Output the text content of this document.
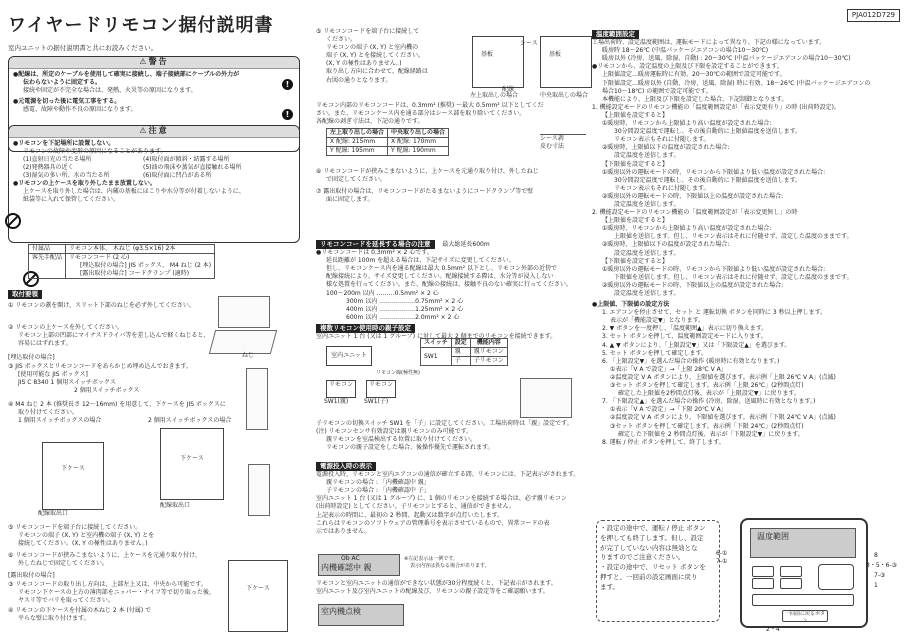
ワイヤードリモコン据付説明書	PJA012D729
室内ユニットの据付説明書と共にお読みください。
⚠警告
●配線は、所定のケーブルを使用して確実に接続し、端子接続部にケーブルの外力が
伝わらないように固定する。
接続や固定が不完全な場合は、発熱、火災等の原因になります。
●元電源を切った後に電気工事をする。
感電、故障や動作不良の原因になります。
!
!
⚠注意
●リモコンを下記場所に設置しない。
リモコンの故障や変形の原因になることがあります。
(1)直射日光の当たる場所
(2)発熱器具の近く
(3)湿気の多い所、水の当たる所
(4)取付面が傾斜・結露する場所
(5)油の飛沫や蒸気が直接触れる場所
(6)取付面に凹凸がある所
●リモコンの上ケースを取り外したまま放置しない。
上ケースを取り外した場合は、内蔵の基板にほこりや水分等が付着しないように、
紙袋等に入れて保管してください。

付属品	リモコン本体、 木ねじ (φ3.5×16) 2本
客先手配品	リモコンコード (2 心)
	[埋込取付の場合] JIS ボックス、 M4 ねじ (2 本)
	[露出取付の場合] コードクランプ (適時)
取付要領
① リモコンの蓋を開け、スリット下部のねじを必ず外してください。
② リモコンの上ケースを外してください。
リモコン上部の凹部にマイナスドライバ等を差し込んで軽くねじると、
容易にはずれます。
[埋込取付の場合]
③ JIS ボックスとリモコンコードをあらかじめ埋め込んでおきます。
[使用可能な JIS ボックス]
JIS C 8340 1 個用スイッチボックス
2 個用スイッチボックス
④ M4 ねじ 2 本 (推奨長さ 12〜16mm) を用意して、下ケースを JIS ボックスに
取り付けてください。
1 個用スイッチボックスの場合	2 個用スイッチボックスの場合
ねじ
下ケース
配線取出口
下ケース
配線取出口
⑤ リモコンコードを端子台に接続してください。
リモコンの端子 (X, Y) と室内機の端子 (X, Y) とを
接続してください。(X, Y の極性はありません。)
⑥ リモコンコードが挟みこまないように、上ケースを元通り取り付け、
外したねじで固定してください。
[露出取付の場合]
③ リモコンコードの取り出し方向は、上部左上又は、中央から可能です。
リモコン下ケースの上方の薄肉部をニッパー・ナイフ等で切り取った後、
ヤスリ等でバリを取ってください。
④ リモコンの下ケースを付属の木ねじ 2 本 (付属) で
平らな壁に取り付けます。
下ケース
⑤ リモコンコードを端子台に接続して
ください。
リモコンの端子 (X, Y) と室内機の
端子 (X, Y) とを接続してください。
(X, Y の極性はありません。)
取り出し方向に合わせて、配線経路は
右図の通りとなります。
基板	基板
シース
配線
左上取出しの場合	中央取出しの場合
リモコン内部のリモコンコードは、0.3mm² (推奨) 〜最大 0.5mm² 以下としてくだ
さい。また、リモコンケース内を通る部分はシース部を取り除いてください。
各配線の剥ぎ寸法は、下記の通りです。
左上取り出しの場合	中央取り出しの場合
X 配線: 215mm	X 配線: 170mm
Y 配線: 195mm	Y 配線: 190mm
シース剥
皮む寸法
⑥ リモコンコードが挟みこまないように、上ケースを元通り取り付け、外したねじ
で固定してください。
⑦ 露出取付の場合は、リモコンコードがたるまないようにコードクランプ等で壁
面に固定します。
リモコンコードを延長する場合の注意 最大総延長600m
●リモコンコードは 0.3mm² × 2 心です。
延長距離が 100m を超える場合は、下記サイズに変更してください。
但し、リモコンケース内を通る配線は最大 0.5mm² 以下とし、リモコン外部の近傍で
配線接続により、サイズ変更してください。配線接続する際は、水分等が浸入しない
様な処置を行ってください。また、配線の接続は、接触不良のない確実に行ってください。
100〜200m 以内 ………0.5mm² × 2 心
300m 以内 ………………0.75mm² × 2 心
400m 以内 ………………1.25mm² × 2 心
600m 以内 ………………2.0mm² × 2 心
複数リモコン使用時の親子設定
室内ユニット 1 台 (又は 1 グループ) に対して最大 2 個までのリモコンを接続できます。
室内ユニット
リモコン	リモコン
SW1(親)	SW1(子)
リモコン線(極性無)
スイッチ	設定	機能内容
SW1	親	親リモコン
	子	子リモコン
子リモコンの切換スイッチ SW1 を「子」に設定してください。工場出荷時は「親」設定です。
(注) リモコンセンサ有効設定は親リモコンのみ可能です。
親リモコンを室温検出する位置に取り付けてください。
リモコンの親子設定をした場合、後操作優先で運転されます。
電源投入時の表示
電源投入時、リモコンと室内エアコンの通信が確立する間、リモコンには、下記表示がされます。
親リモコンの場合 : 「内機確認中 親」
子リモコンの場合 : 「内機確認中 子」
室内ユニット 1 台 (又は 1 グループ) に、1 個のリモコンを接続する場合は、必ず親リモコン
(出荷時設定) としてください。子リモコンとすると、通信ができません。
上記表示の時間に、最初の 2 秒間、起動又は数字が点灯いたします。
これらはリモコンのソフトウェアの管理番号を表示させているもので、異常コードの表
示ではありません。
Ob AC
内機確認中 親
※左記表示は一例です。
表示内容は異なる場合があります。
リモコンと室内ユニットの通信ができない状態が30分程度続くと、下記表示がされます。
室内ユニット及び室内ユニットの配線及び、リモコンの親子設定等をご確認願います。
室内機点検
温度範囲設定
工場出荷時、設定温度範囲は、運転モードによって異なり、下記の様になっています。
暖房時 18〜26℃ (中温パッケージエアコンの場合10〜30℃)
暖房以外 (冷房、送風、除湿、自動) : 20〜30℃ (中温パッケージエアコンの場合10〜30℃)
●リモコンから、設定温度の上限及び下限を設定することができます。
上限値設定…暖房運転時に有効、20〜30℃の範囲で設定可能です。
下限値設定…暖房以外 (自動、冷房、送風、除湿) 時に有効、18〜26℃ (中温パッケージエアコンの
場合10〜18℃) の範囲で設定可能です。
本機能により、上限及び下限を設定した場合、下記制御となります。
1. 機能設定モードのリモコン機能の「温度範囲設定が「表示変更有り」の時 (出荷時設定)。
【上限値を設定すると】
①暖房時、リモコンから上限値より高い温度が設定された場合:
30分間設定温度で運転し、その後自動的に上限値温度を送信します。
リモコン表示もそれに付随します。
②暖房時、上限値以下の温度が設定された場合:
設定温度を送信します。
【下限値を設定すると】
①暖房以外の運転モードの時、リモコンから下限値より低い温度が設定された場合:
30分間設定温度で運転し、その後自動的に下限値温度を送信します。
リモコン表示もそれに付随します。
②暖房以外の運転モードの時、下限値以上の温度が設定された場合:
設定温度を送信します。
2. 機能設定モードのリモコン機能の「温度範囲設定が「表示変更無し」の時
【上限値を設定すると】
①暖房時、リモコンから上限値より高い温度が設定された場合:
上限値を送信します。但し、リモコン表示はそれに付随せず、設定した温度のままです。
②暖房時、上限値以下の温度が設定された場合:
設定温度を送信します。
【下限値を設定すると】
①暖房以外の運転モードの時、リモコンから下限値より低い温度が設定された場合:
下限値を送信します。但し、リモコン表示はそれに付随せず、設定した温度のままです。
②暖房以外の運転モードの時、下限値以上の温度が設定された場合:
設定温度を送信します。
●上限値、下限値の設定方法
1. エアコンを停止させて、セット と 運転切換 ボタンを同時に 3 秒以上押します。
表示が「機能設定▼」となります。
2. ▼ ボタンを一度押し、「温度範囲▲」表示に切り換えます。
3. セット ボタンを押して、温度範囲設定モードに入ります。
4. ▲ ▼ ボタンにより、「上限設定▼」又は「下限設定▲」を選びます。
5. セット ボタンを押して確定します。
6. 「上限設定▼」を選んだ場合の操作 (暖房時に有効となります。)
①表示「V A で設定」→「上限 28℃ V A」
②温度設定 V A ボタンにより、上限値を選びます。表示例「上限 26℃ V A」(点滅)
③セット ボタンを押して確定します。表示例「上限 26℃」(2秒間点灯)
確定した上限値を2秒間点灯後、表示が「上限設定▼」に戻ります。
7. 「下限設定▲」を選んだ場合の操作 (冷房、除湿、送風時に有効となります。)
①表示「V A で設定」→「下限 20℃ V A」
②温度設定 V A ボタンにより、下限値を選びます。表示例「下限 24℃ V A」(点滅)
③セット ボタンを押して確定します。表示例「下限 24℃」(2秒間点灯)
確定した下限値を 2 秒間点灯後、表示が「下限設定▼」に戻ります。
8. 運転 / 停止 ボタンを押して、終了します。
・設定の途中で、運転 / 停止 ボタン
を押しても終了します。但し、設定
が完了していない内容は無効とな
りますのでご注意ください。
・設定の途中で、リセット ボタンを
押すと、一回前の設定画面に戻り
ます。
温度範囲
一回前に戻るボタン
6-①
7-①
8
3・5・6-③
7-③
1
2・4
